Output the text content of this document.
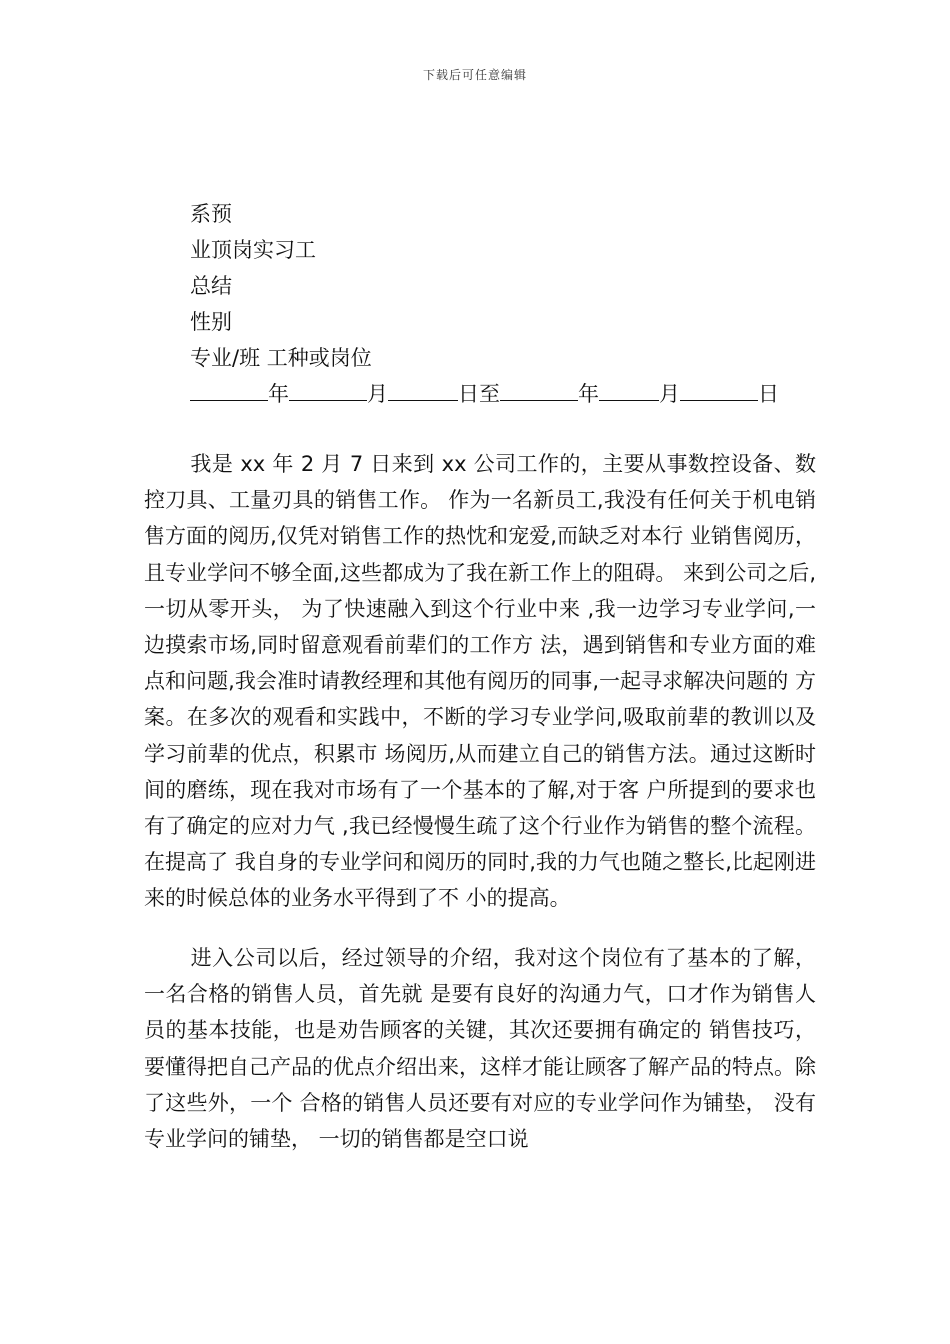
下载后可任意编辑
系预
业顶岗实习工
总结
性别
专业/班 工种或岗位
年	月	日至	年	月	日
我是 xx 年 2 月 7 日来到 xx 公司工作的，主要从事数控设备、数控刀具、工量刃具的销售工作。 作为一名新员工,我没有任何关于机电销售方面的阅历,仅凭对销售工作的热忱和宠爱,而缺乏对本行 业销售阅历， 且专业学问不够全面,这些都成为了我在新工作上的阻碍。 来到公司之后,一切从零开头， 为了快速融入到这个行业中来 ,我一边学习专业学问,一边摸索市场,同时留意观看前辈们的工作方 法，遇到销售和专业方面的难点和问题,我会准时请教经理和其他有阅历的同事,一起寻求解决问题的 方案。在多次的观看和实践中，不断的学习专业学问,吸取前辈的教训以及学习前辈的优点，积累市 场阅历,从而建立自己的销售方法。通过这断时间的磨练，现在我对市场有了一个基本的了解,对于客 户所提到的要求也有了确定的应对力气 ,我已经慢慢生疏了这个行业作为销售的整个流程。在提高了 我自身的专业学问和阅历的同时,我的力气也随之整长,比起刚进来的时候总体的业务水平得到了不 小的提高。
进入公司以后，经过领导的介绍，我对这个岗位有了基本的了解，一名合格的销售人员，首先就 是要有良好的沟通力气，口才作为销售人员的基本技能，也是劝告顾客的关键，其次还要拥有确定的 销售技巧，要懂得把自己产品的优点介绍出来，这样才能让顾客了解产品的特点。除了这些外，一个 合格的销售人员还要有对应的专业学问作为铺垫， 没有专业学问的铺垫， 一切的销售都是空口说
